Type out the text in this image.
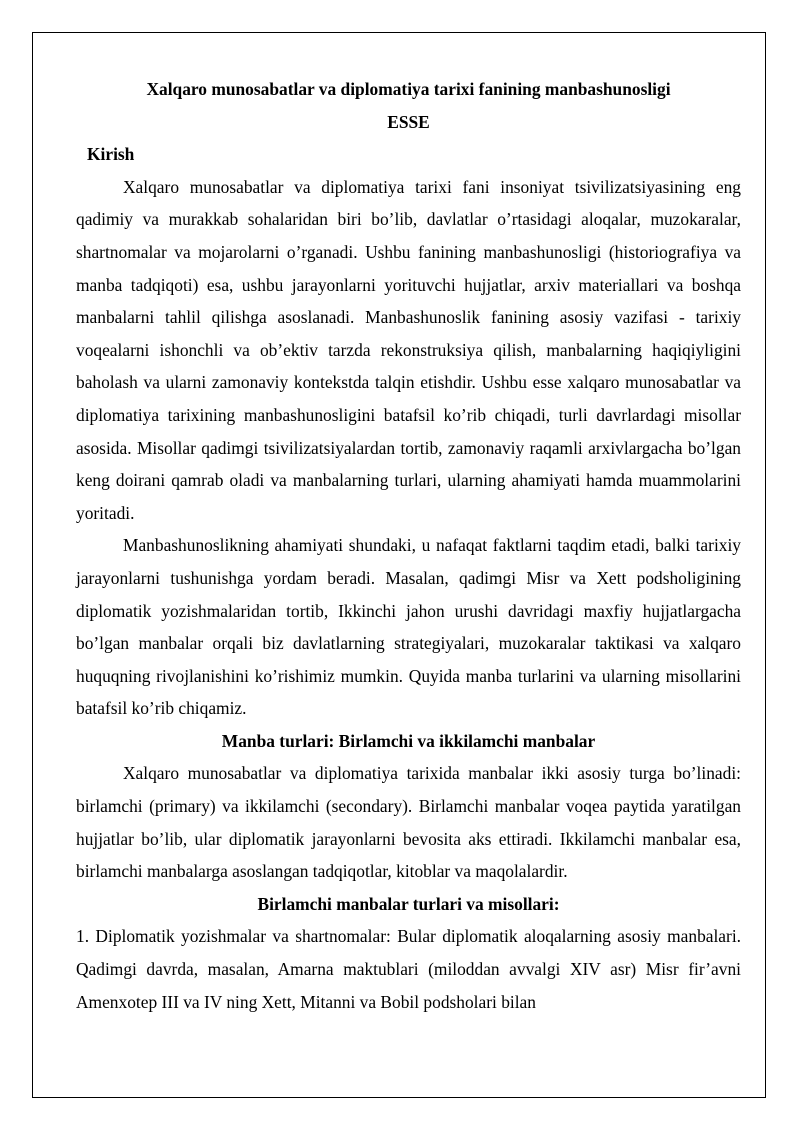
Xalqaro munosabatlar va diplomatiya tarixi fanining manbashunosligi
ESSE
Kirish

Xalqaro munosabatlar va diplomatiya tarixi fani insoniyat tsivilizatsiyasining eng qadimiy va murakkab sohalaridan biri bo’lib, davlatlar o’rtasidagi aloqalar, muzokaralar, shartnomalar va mojarolarni o’rganadi. Ushbu fanining manbashunosligi (historiografiya va manba tadqiqoti) esa, ushbu jarayonlarni yorituvchi hujjatlar, arxiv materiallari va boshqa manbalarni tahlil qilishga asoslanadi. Manbashunoslik fanining asosiy vazifasi - tarixiy voqealarni ishonchli va ob’ektiv tarzda rekonstruksiya qilish, manbalarning haqiqiyligini baholash va ularni zamonaviy kontekstda talqin etishdir. Ushbu esse xalqaro munosabatlar va diplomatiya tarixining manbashunosligini batafsil ko’rib chiqadi, turli davrlardagi misollar asosida. Misollar qadimgi tsivilizatsiyalardan tortib, zamonaviy raqamli arxivlargacha bo’lgan keng doirani qamrab oladi va manbalarning turlari, ularning ahamiyati hamda muammolarini yoritadi.

Manbashunoslikning ahamiyati shundaki, u nafaqat faktlarni taqdim etadi, balki tarixiy jarayonlarni tushunishga yordam beradi. Masalan, qadimgi Misr va Xett podsholigining diplomatik yozishmalaridan tortib, Ikkinchi jahon urushi davridagi maxfiy hujjatlargacha bo’lgan manbalar orqali biz davlatlarning strategiyalari, muzokaralar taktikasi va xalqaro huquqning rivojlanishini ko’rishimiz mumkin. Quyida manba turlarini va ularning misollarini batafsil ko’rib chiqamiz.

Manba turlari: Birlamchi va ikkilamchi manbalar

Xalqaro munosabatlar va diplomatiya tarixida manbalar ikki asosiy turga bo’linadi: birlamchi (primary) va ikkilamchi (secondary). Birlamchi manbalar voqea paytida yaratilgan hujjatlar bo’lib, ular diplomatik jarayonlarni bevosita aks ettiradi. Ikkilamchi manbalar esa, birlamchi manbalarga asoslangan tadqiqotlar, kitoblar va maqolalardir.

Birlamchi manbalar turlari va misollari:

1. Diplomatik yozishmalar va shartnomalar: Bular diplomatik aloqalarning asosiy manbalari. Qadimgi davrda, masalan, Amarna maktublari (miloddan avvalgi XIV asr) Misr fir’avni Amenxotep III va IV ning Xett, Mitanni va Bobil podsholari bilan
